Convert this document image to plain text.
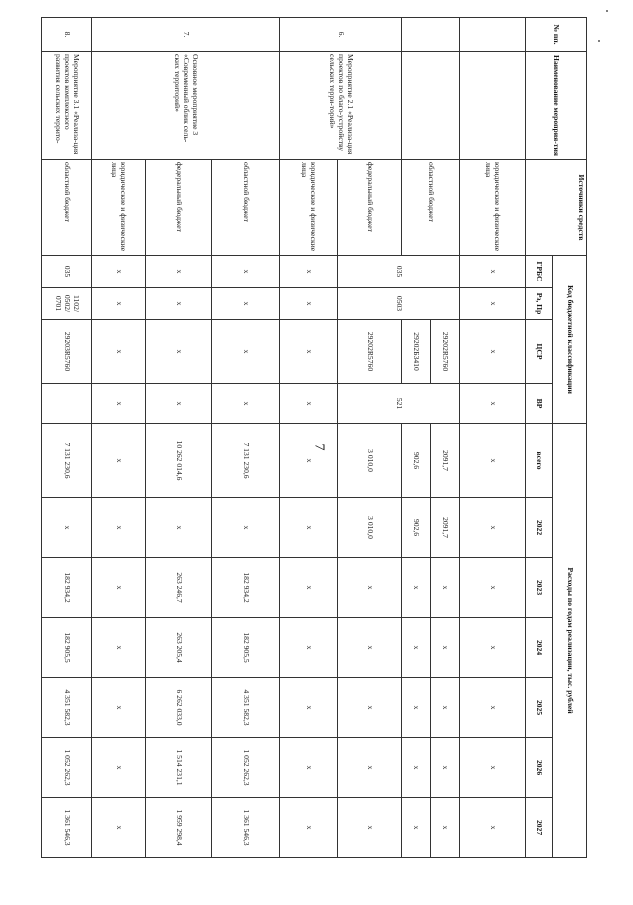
7
№ пп.	Наименование мероприя-тия	Источники средств	Код бюджетной классификации				Расходы по годам реализации, тыс. рублей						
			ГРБС	Рз, Пр	ЦСР	ВР	всего	2022	2023	2024	2025	2026	2027
		юридические и физические лица	х	х	х	х	х	х	х	х	х	х	х
		областной бюджет	035	0503	29202R5760	521	2091,7	2091,7	х	х	х	х	х
					29202Б3410		902,6	902,6	х	х	х	х	х
6.	Мероприятие 2.1 «Реализа-ция проектов по благо-устройству сельских терри-торий»	федеральный бюджет			29202R5760		3 010,0	3 010,0	х	х	х	х	х
		юридические и физические лица	х	х	х	х	х	х	х	х	х	х	х
7.	Основное мероприятие 3 «Современный облик сель-ских территорий»	областной бюджет	х	х	х	х	7 131 230,6	х	182 934,2	182 905,5	4 351 582,3	1 052 262,3	1 361 546,3
		федеральный бюджет	х	х	х	х	10 262 014,6	х	263 246,7	263 205,4	6 262 033,0	1 514 231,1	1 959 298,4
		юридические и физические лица	х	х	х	х	х	х	х	х	х	х	х
8.	Мероприятие 3.1 «Реализа-ция проектов комплексного развития сельских террито-	областной бюджет	035	1102/ 0502/ 0701	29203R5760		7 131 230,6	х	182 934,2	182 905,5	4 351 582,3	1 052 262,3	1 361 546,3
